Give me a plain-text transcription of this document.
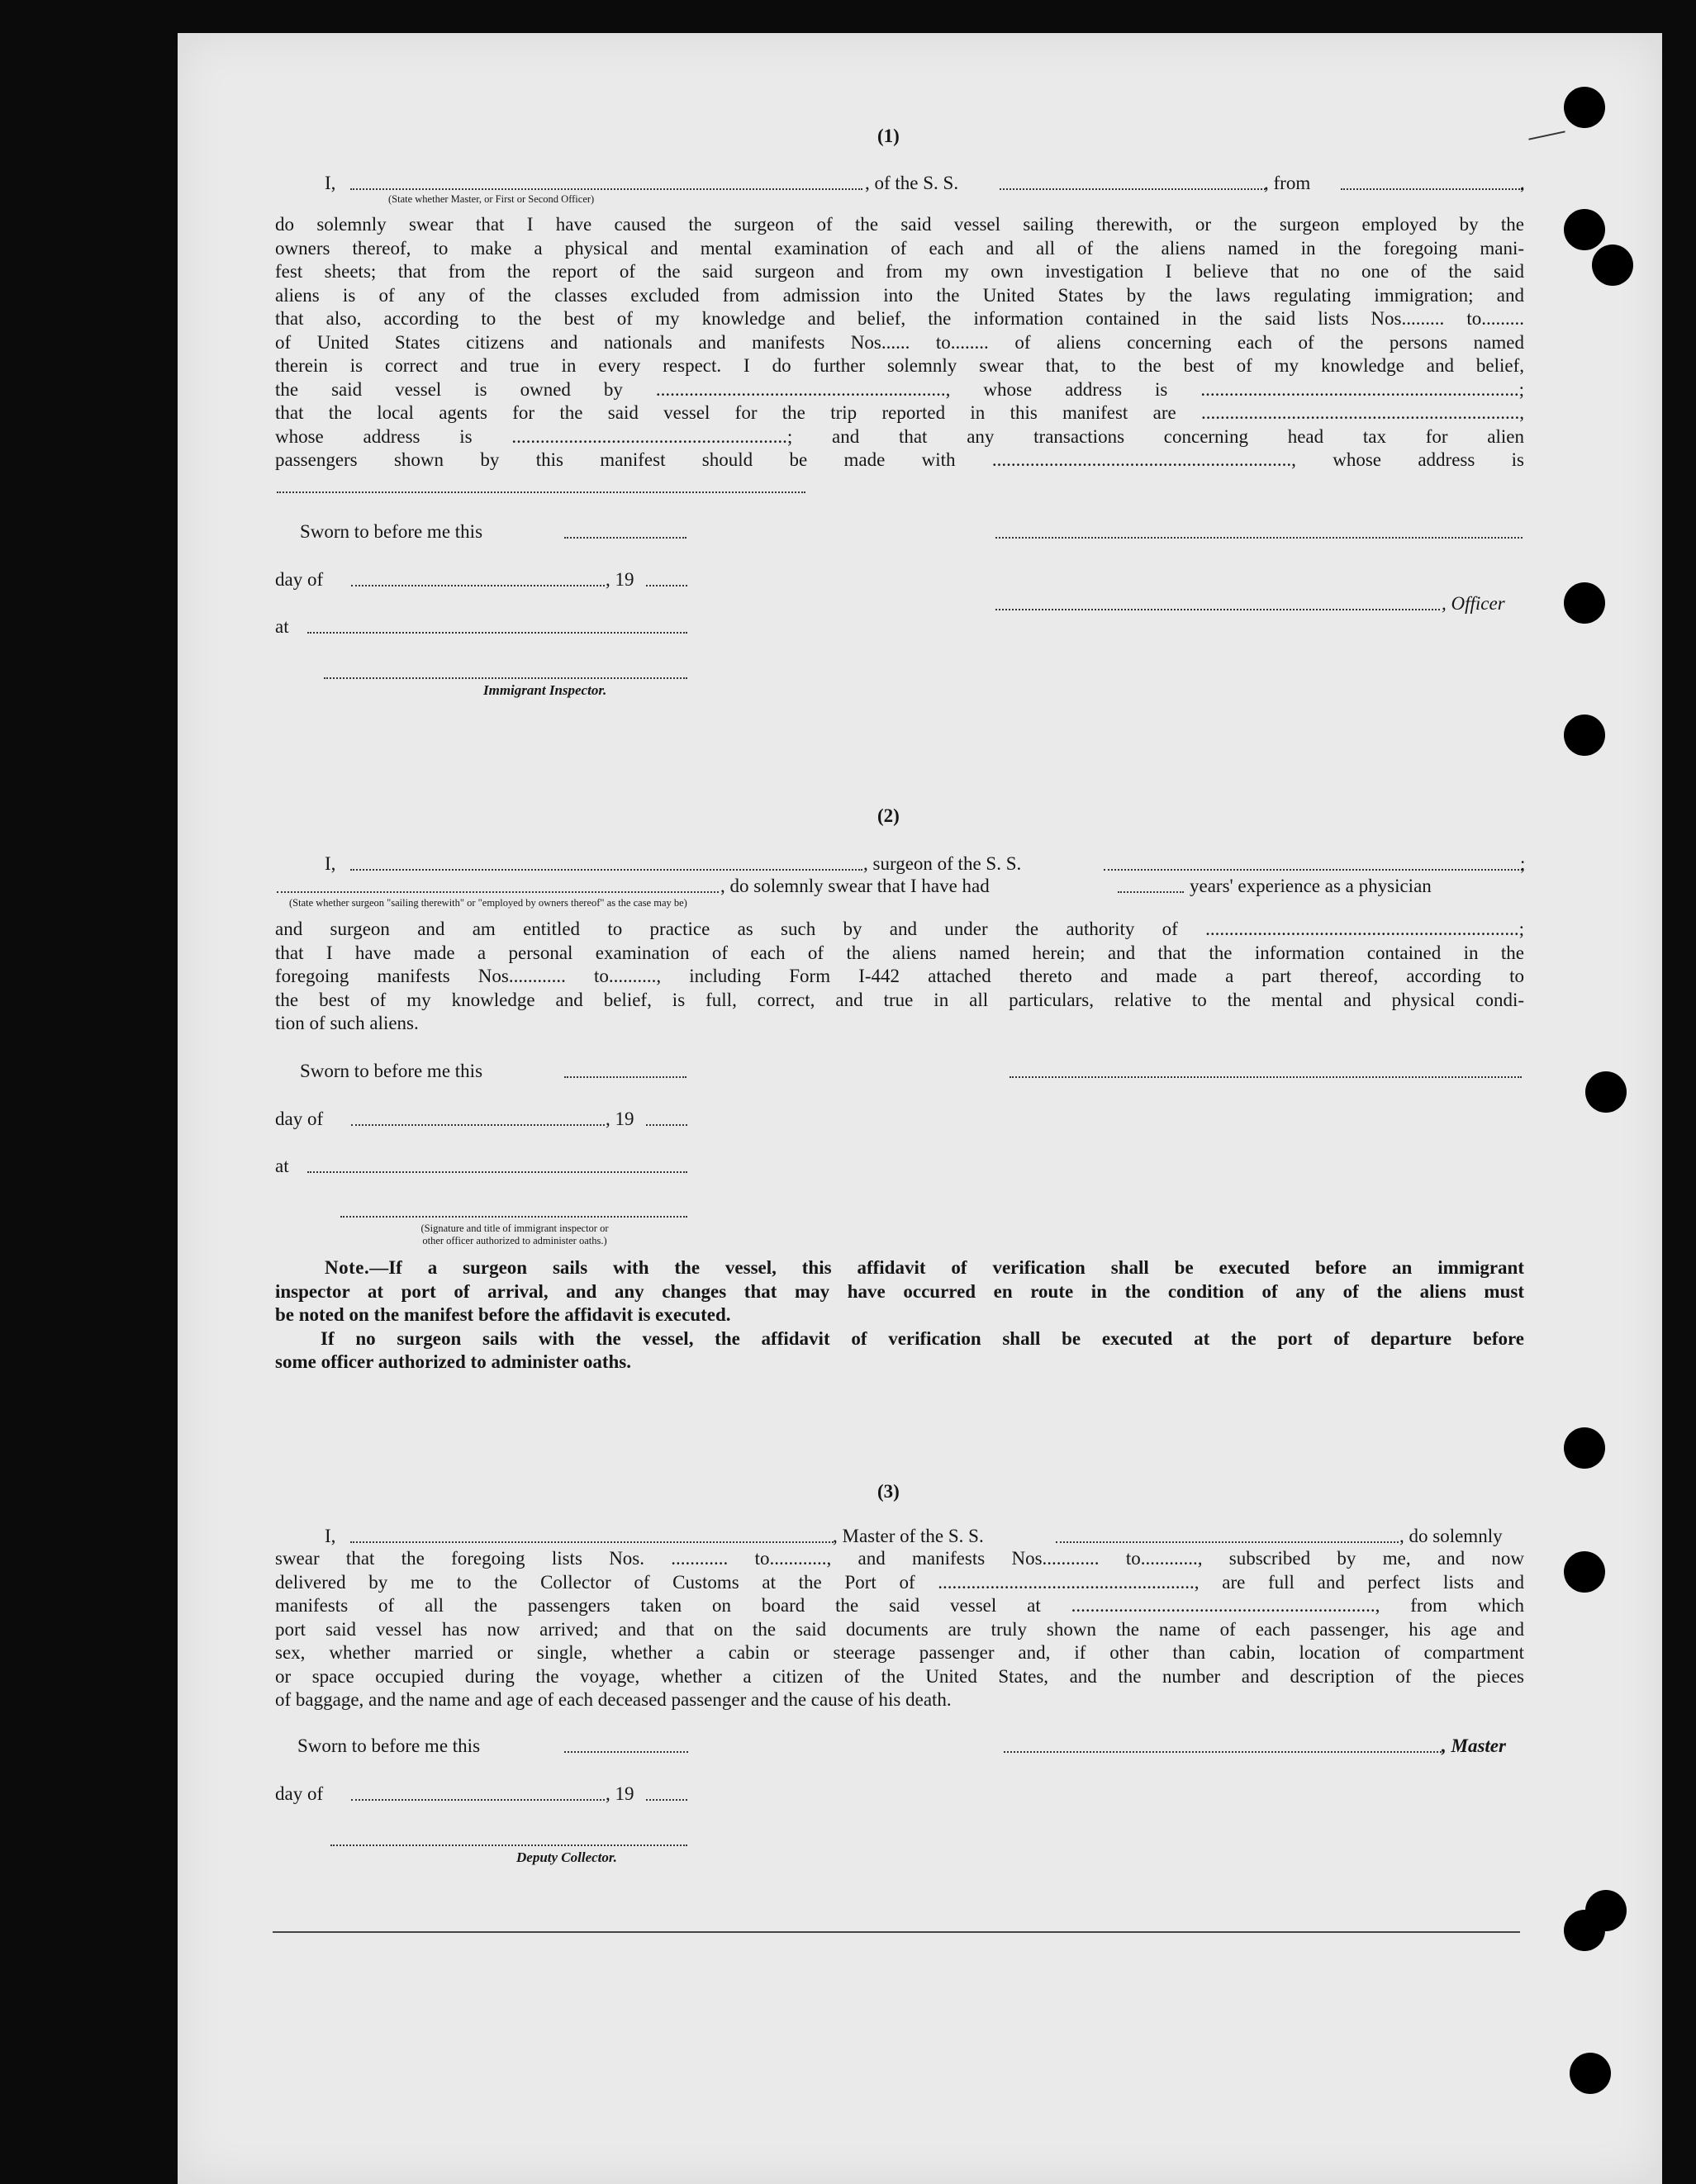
(1)
I,	, of the S. S.	, from	,
(State whether Master, or First or Second Officer)
do solemnly swear that I have caused the surgeon of the said vessel sailing therewith, or the surgeon employed by the
owners thereof, to make a physical and mental examination of each and all of the aliens named in the foregoing mani-
fest sheets; that from the report of the said surgeon and from my own investigation I believe that no one of the said
aliens is of any of the classes excluded from admission into the United States by the laws regulating immigration; and
that also, according to the best of my knowledge and belief, the information contained in the said lists Nos......... to.........
of United States citizens and nationals and manifests Nos...... to........ of aliens concerning each of the persons named
therein is correct and true in every respect. I do further solemnly swear that, to the best of my knowledge and belief,
the said vessel is owned by ............................................................., whose address is ...................................................................;
that the local agents for the said vessel for the trip reported in this manifest are ...................................................................,
whose address is ..........................................................; and that any transactions concerning head tax for alien
passengers shown by this manifest should be made with ..............................................................., whose address is
Sworn to before me this
day of	, 19
, Officer
at
Immigrant Inspector.
(2)
I,	, surgeon of the S. S.	;
, do solemnly swear that I have had	years' experience as a physician
(State whether surgeon "sailing therewith" or "employed by owners thereof" as the case may be)
and surgeon and am entitled to practice as such by and under the authority of ..................................................................;
that I have made a personal examination of each of the aliens named herein; and that the information contained in the
foregoing manifests Nos............ to.........., including Form I-442 attached thereto and made a part thereof, according to
the best of my knowledge and belief, is full, correct, and true in all particulars, relative to the mental and physical condi-
tion of such aliens.
Sworn to before me this
day of	, 19
at
(Signature and title of immigrant inspector or
other officer authorized to administer oaths.)
Note.—If a surgeon sails with the vessel, this affidavit of verification shall be executed before an immigrant
inspector at port of arrival, and any changes that may have occurred en route in the condition of any of the aliens must
be noted on the manifest before the affidavit is executed.
If no surgeon sails with the vessel, the affidavit of verification shall be executed at the port of departure before
some officer authorized to administer oaths.
(3)
I,	, Master of the S. S.	, do solemnly
swear that the foregoing lists Nos. ............ to............, and manifests Nos............ to............, subscribed by me, and now
delivered by me to the Collector of Customs at the Port of ......................................................, are full and perfect lists and
manifests of all the passengers taken on board the said vessel at ................................................................, from which
port said vessel has now arrived; and that on the said documents are truly shown the name of each passenger, his age and
sex, whether married or single, whether a cabin or steerage passenger and, if other than cabin, location of compartment
or space occupied during the voyage, whether a citizen of the United States, and the number and description of the pieces
of baggage, and the name and age of each deceased passenger and the cause of his death.
Sworn to before me this	, Master
day of	, 19
Deputy Collector.
